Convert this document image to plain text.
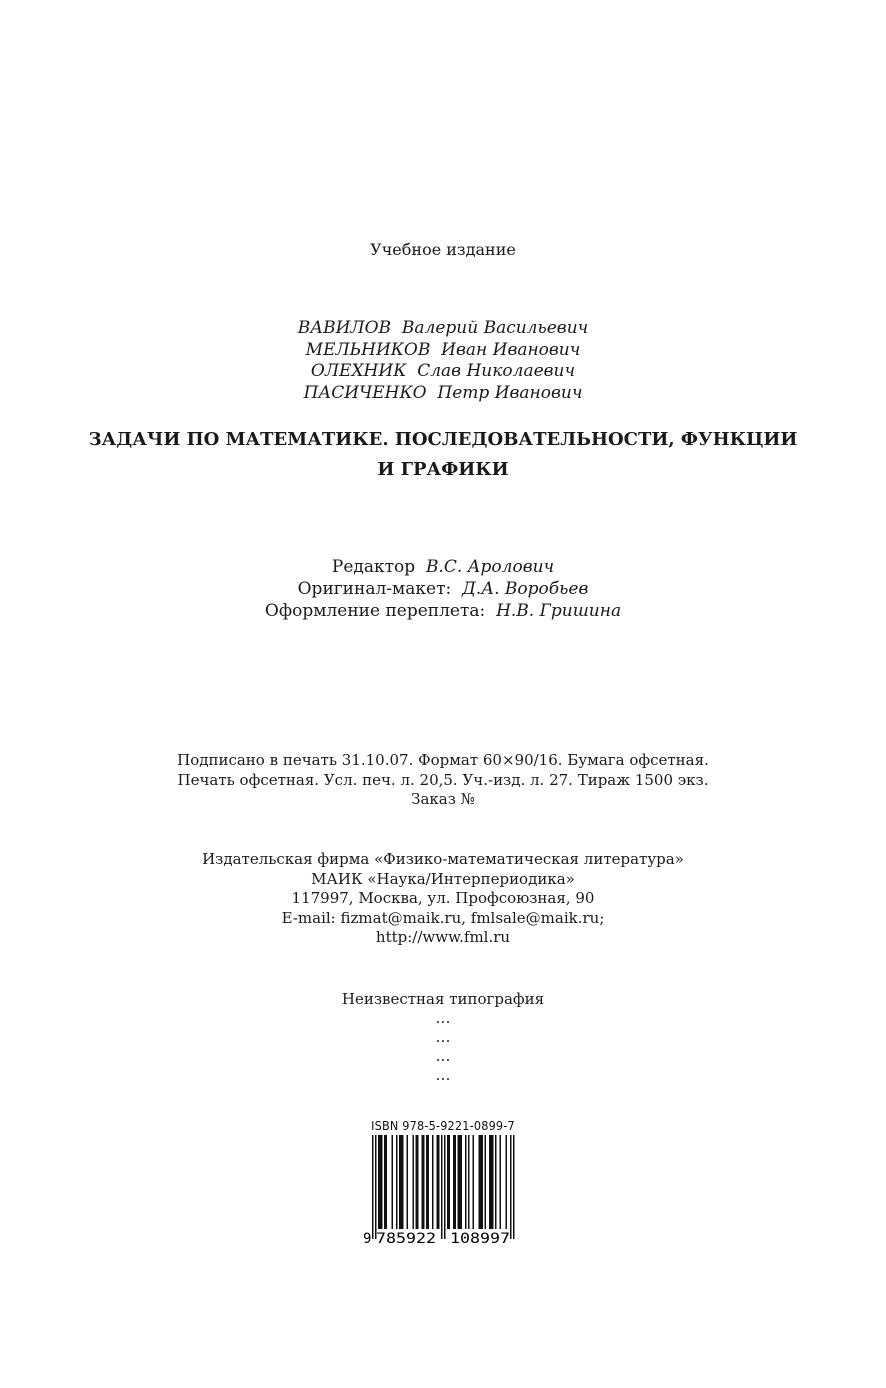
Учебное издание
ВАВИЛОВ Валерий Васильевич
МЕЛЬНИКОВ Иван Иванович
ОЛЕХНИК Слав Николаевич
ПАСИЧЕНКО Петр Иванович
ЗАДАЧИ ПО МАТЕМАТИКЕ. ПОСЛЕДОВАТЕЛЬНОСТИ, ФУНКЦИИ
И ГРАФИКИ
Редактор В.С. Аролович
Оригинал-макет: Д.А. Воробьев
Оформление переплета: Н.В. Гришина
Подписано в печать 31.10.07. Формат 60×90/16. Бумага офсетная.
Печать офсетная. Усл. печ. л. 20,5. Уч.-изд. л. 27. Тираж 1500 экз.
Заказ №
Издательская фирма «Физико-математическая литература»
МАИК «Наука/Интерпериодика»
117997, Москва, ул. Профсоюзная, 90
E-mail: fizmat@maik.ru, fmlsale@maik.ru;
http://www.fml.ru
Неизвестная типография
…
…
…
…
ISBN 978-5-9221-0899-7
9 785922 108997
